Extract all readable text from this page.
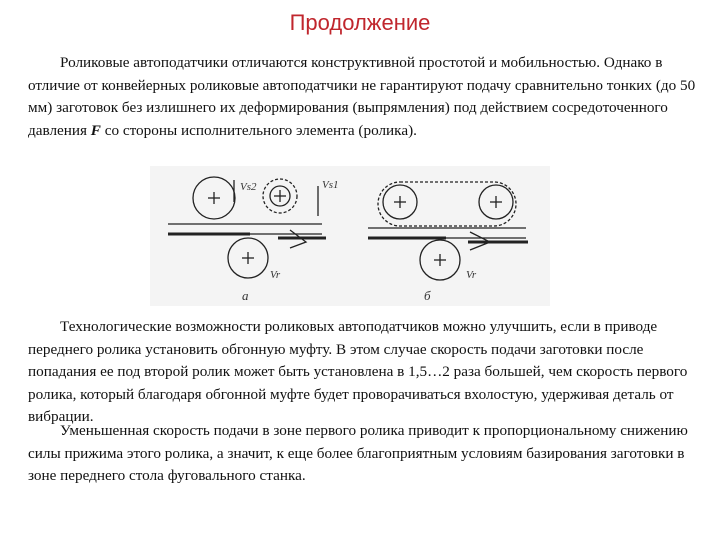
Продолжение

Роликовые автоподатчики отличаются конструктивной простотой и мобильностью. Однако в отличие от конвейерных роликовые автоподатчики не гарантируют подачу сравнительно тонких (до 50 мм) заготовок без излишнего их деформирования (выпрямления) под действием сосредоточенного давления F со стороны исполнительного элемента (ролика).

Vs2	Vs1
Vr
а
Vr
б

Технологические возможности роликовых автоподатчиков можно улучшить, если в приводе переднего ролика установить обгонную муфту. В этом случае скорость подачи заготовки после попадания ее под второй ролик может быть установлена в 1,5…2 раза большей, чем скорость первого ролика, который благодаря обгонной муфте будет проворачиваться вхолостую, удерживая деталь от вибрации.

Уменьшенная скорость подачи в зоне первого ролика приводит к пропорциональному снижению силы прижима этого ролика, а значит, к еще более благоприятным условиям базирования заготовки в зоне переднего стола фуговального станка.
